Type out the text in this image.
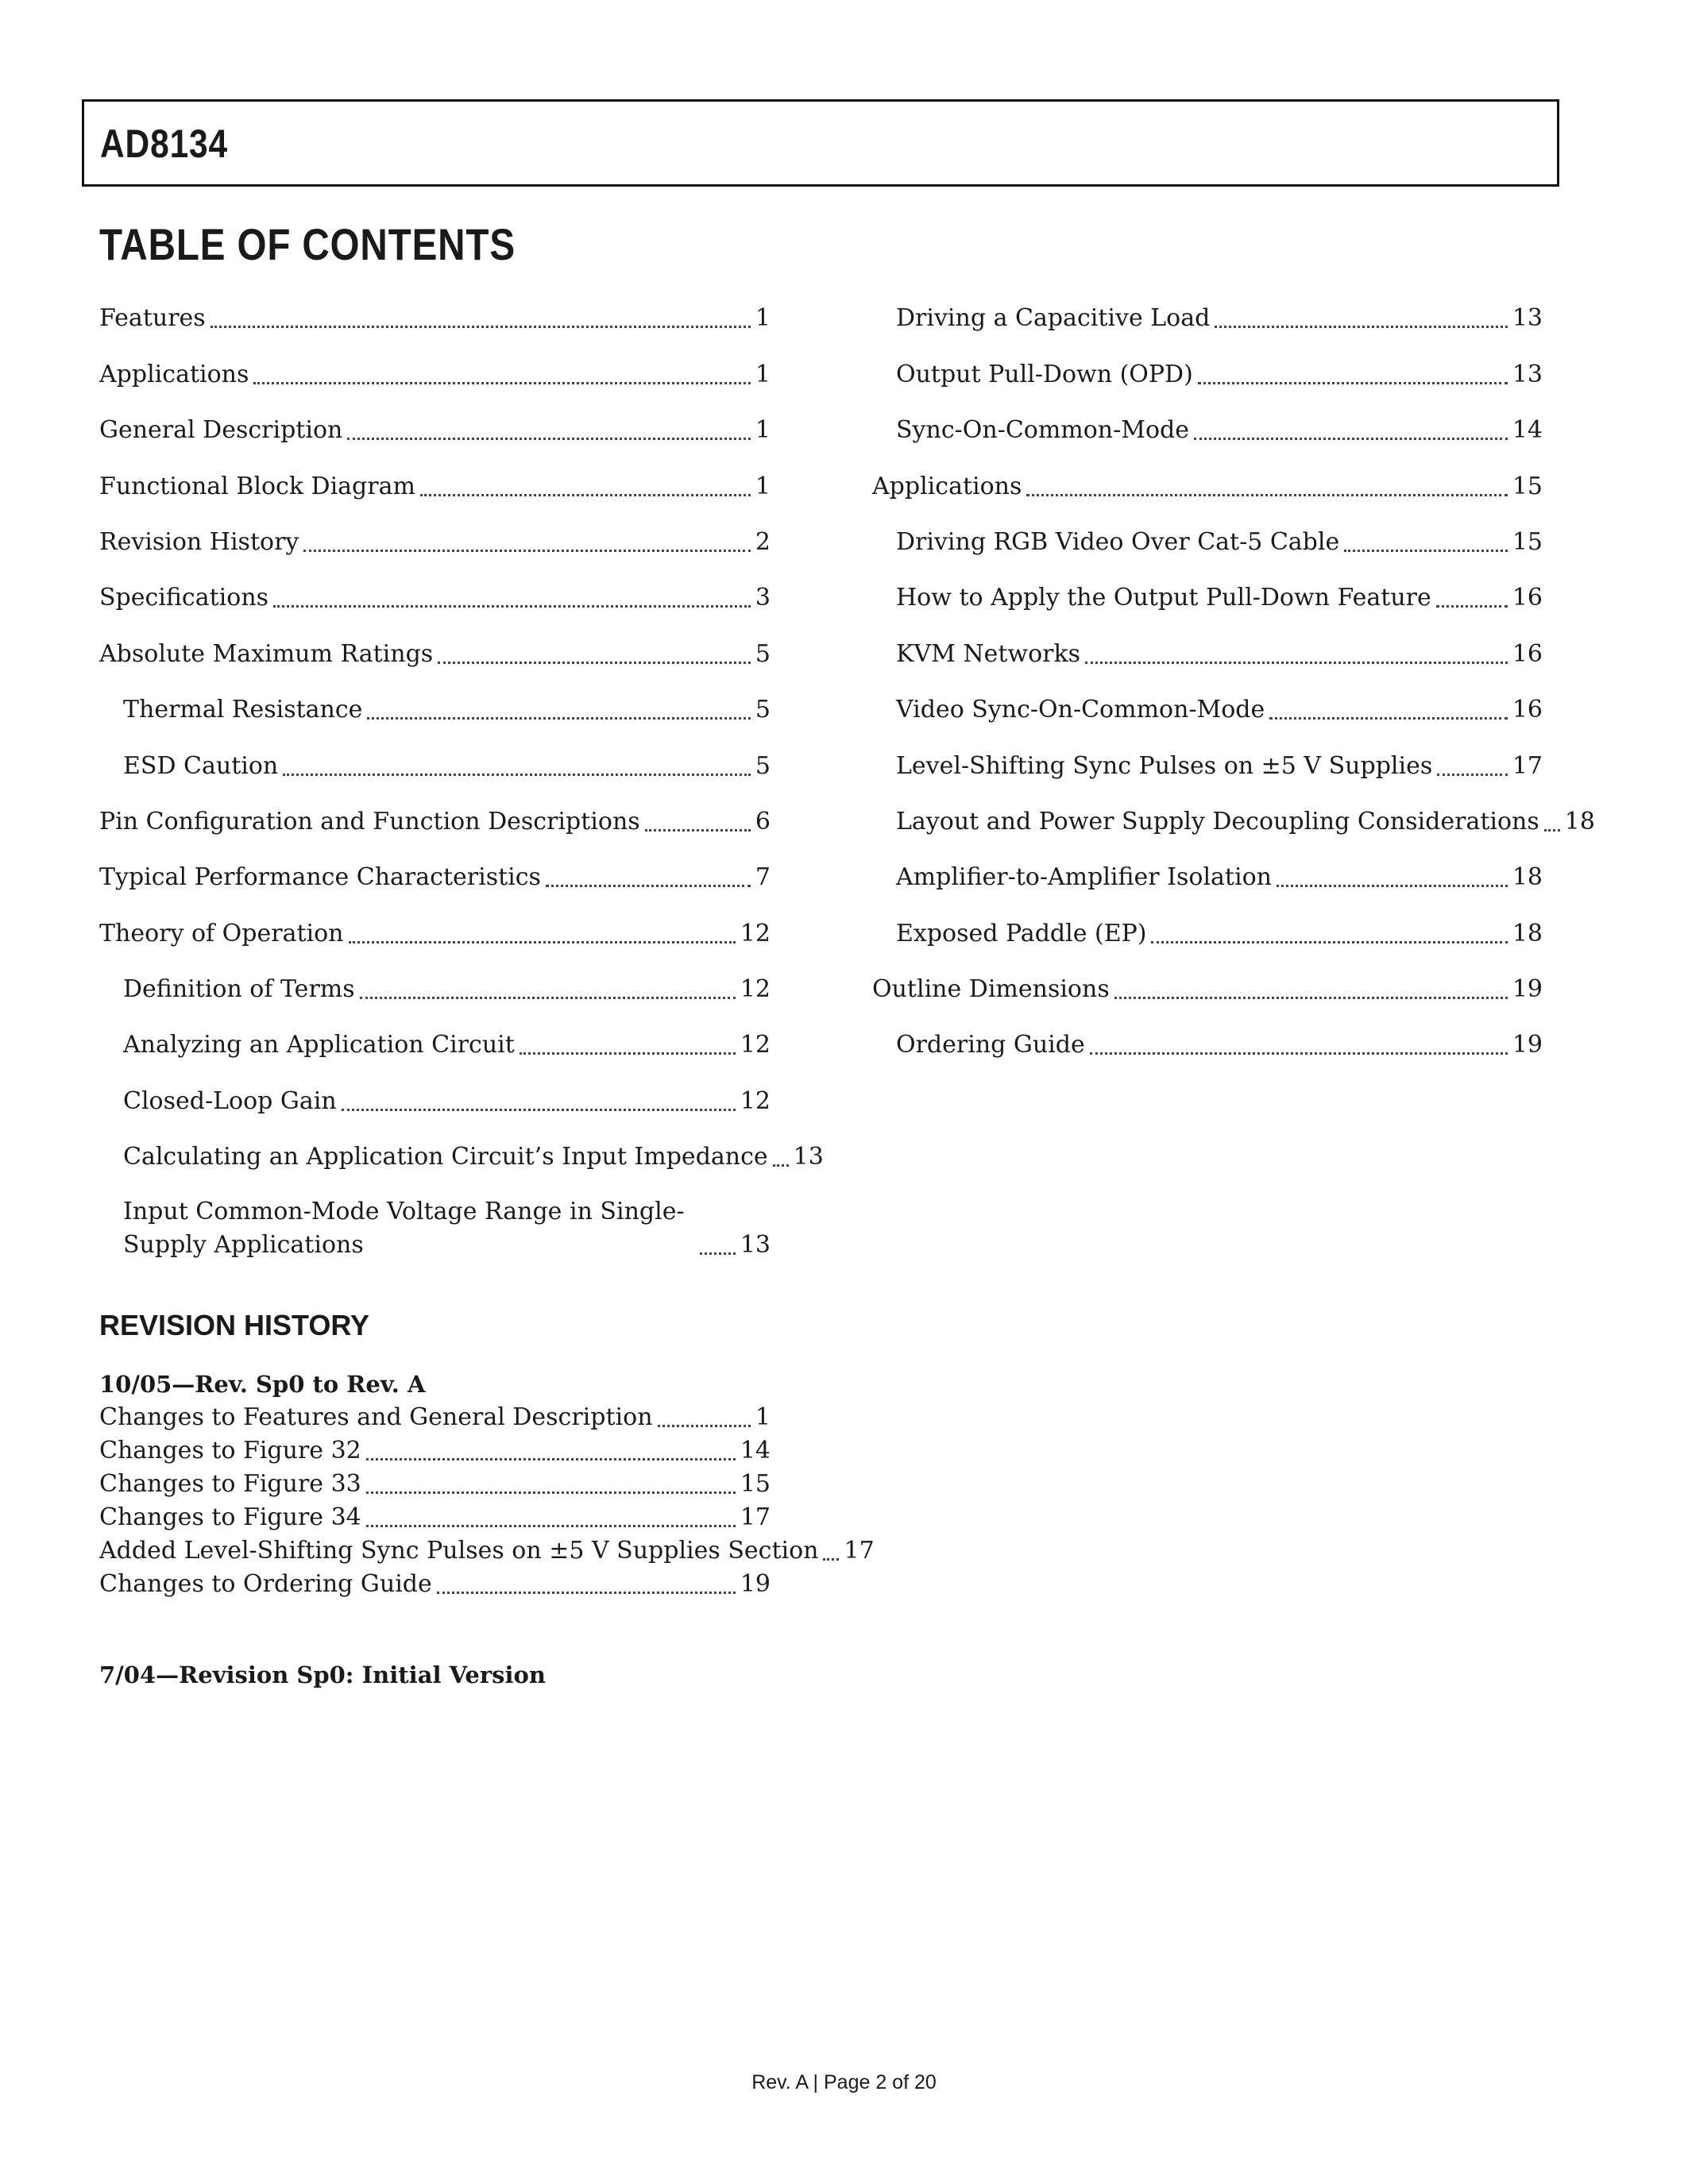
AD8134
TABLE OF CONTENTS
Features	1
Applications	1
General Description	1
Functional Block Diagram	1
Revision History	2
Specifications	3
Absolute Maximum Ratings	5
Thermal Resistance	5
ESD Caution	5
Pin Configuration and Function Descriptions	6
Typical Performance Characteristics	7
Theory of Operation	12
Definition of Terms	12
Analyzing an Application Circuit	12
Closed-Loop Gain	12
Calculating an Application Circuit’s Input Impedance 13
Input Common-Mode Voltage Range in Single-Supply Applications	13
Driving a Capacitive Load	13
Output Pull-Down (OPD)	13
Sync-On-Common-Mode	14
Applications	15
Driving RGB Video Over Cat-5 Cable	15
How to Apply the Output Pull-Down Feature	16
KVM Networks	16
Video Sync-On-Common-Mode	16
Level-Shifting Sync Pulses on ±5 V Supplies	17
Layout and Power Supply Decoupling Considerations 18
Amplifier-to-Amplifier Isolation	18
Exposed Paddle (EP)	18
Outline Dimensions	19
Ordering Guide	19
REVISION HISTORY

10/05—Rev. Sp0 to Rev. A

Changes to Features and General Description	1
Changes to Figure 32	14
Changes to Figure 33	15
Changes to Figure 34	17
Added Level-Shifting Sync Pulses on ±5 V Supplies Section 17
Changes to Ordering Guide	19

7/04—Revision Sp0: Initial Version

Rev. A | Page 2 of 20
